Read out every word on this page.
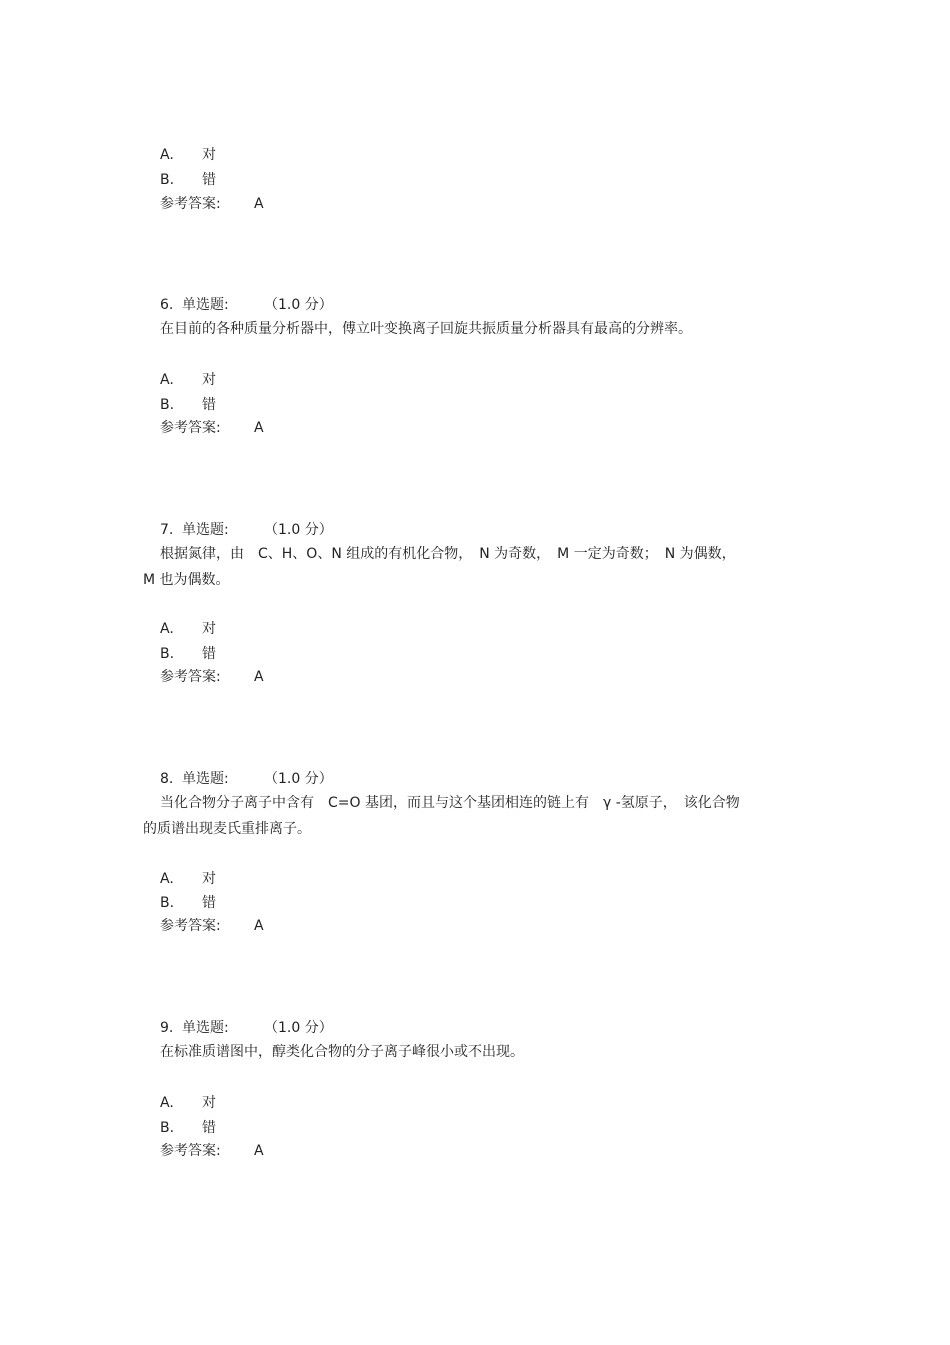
A. 对
B. 错
参考答案: A
6. 单选题:	（1.0 分）
在目前的各种质量分析器中，傅立叶变换离子回旋共振质量分析器具有最高的分辨率。
A. 对
B. 错
参考答案: A
7. 单选题:	（1.0 分）
根据氮律，由　C、H、O、N 组成的有机化合物，　N 为奇数，　M 一定为奇数；　N 为偶数，
M 也为偶数。
A. 对
B. 错
参考答案: A
8. 单选题:	（1.0 分）
当化合物分子离子中含有　C=O 基团，而且与这个基团相连的链上有　γ -氢原子，　该化合物
的质谱出现麦氏重排离子。
A. 对
B. 错
参考答案: A
9. 单选题:	（1.0 分）
在标准质谱图中，醇类化合物的分子离子峰很小或不出现。
A. 对
B. 错
参考答案: A
